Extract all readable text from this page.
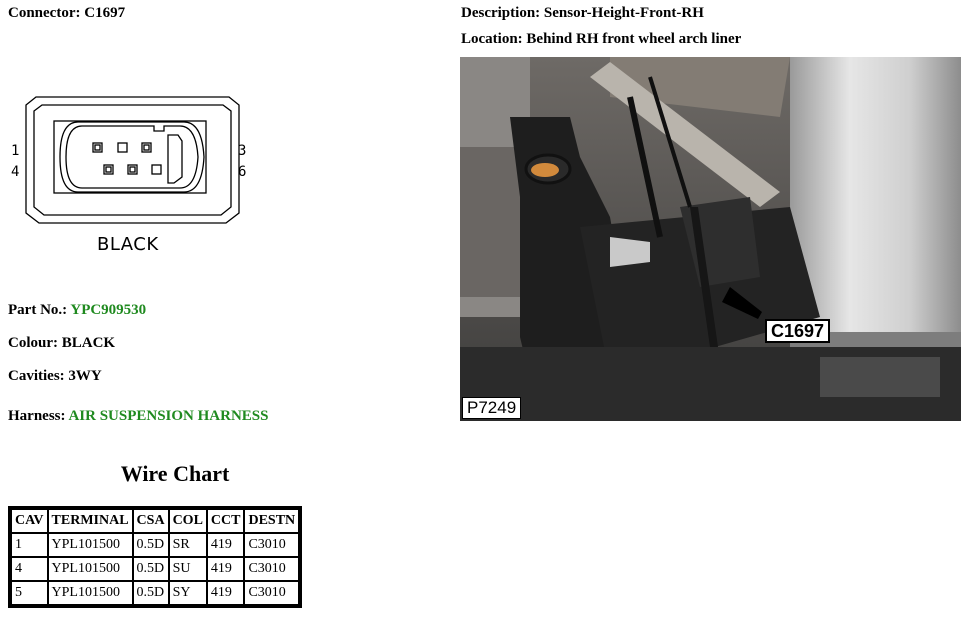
Connector: C1697	Description: Sensor-Height-Front-RH
Location: Behind RH front wheel arch liner
1
4
3
6
BLACK
Part No.: YPC909530
Colour: BLACK
Cavities: 3WY
Harness: AIR SUSPENSION HARNESS
C1697
P7249
Wire Chart
CAV	TERMINAL	CSA	COL	CCT	DESTN
1	YPL101500	0.5D	SR	419	C3010
4	YPL101500	0.5D	SU	419	C3010
5	YPL101500	0.5D	SY	419	C3010
